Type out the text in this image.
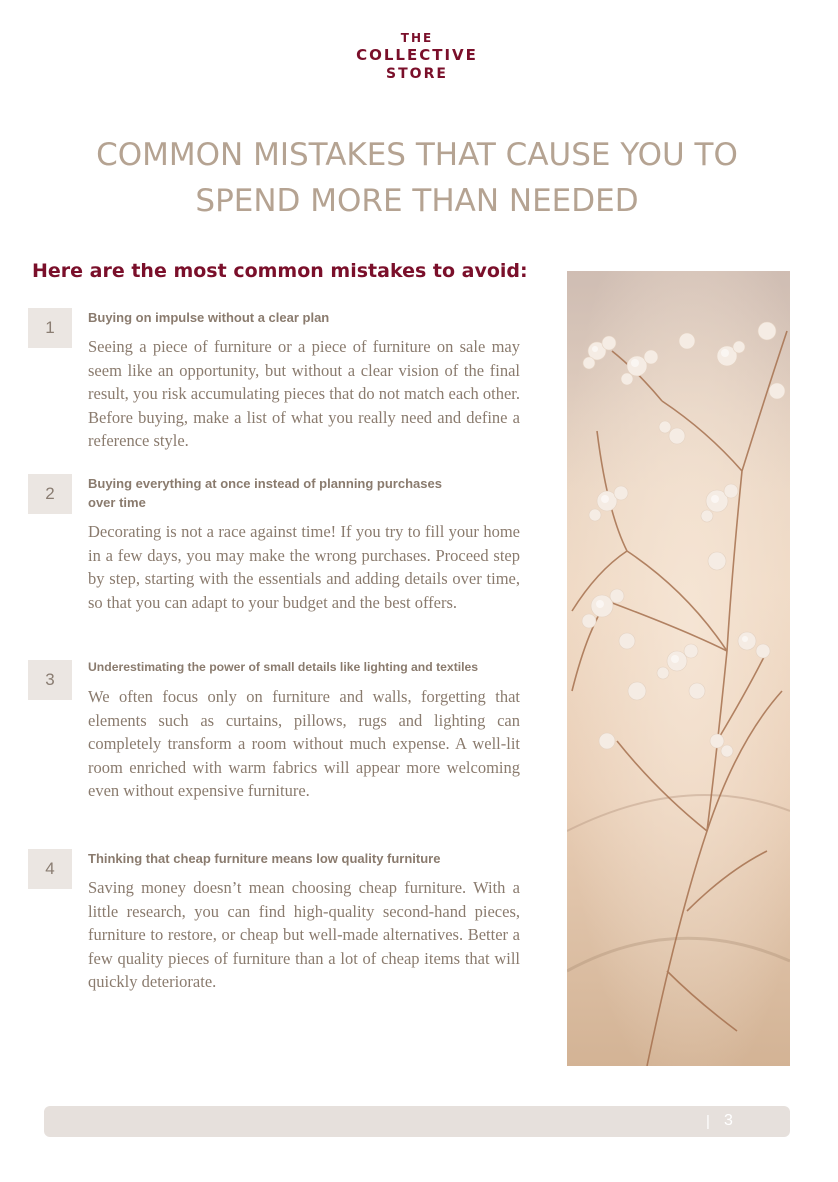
THE
COLLECTIVE
STORE
COMMON MISTAKES THAT CAUSE YOU TO
SPEND MORE THAN NEEDED
Here are the most common mistakes to avoid:
1

Buying on impulse without a clear plan

Seeing a piece of furniture or a piece of furniture on sale may seem like an opportunity, but without a clear vision of the final result, you risk accumulating pieces that do not match each other. Before buying, make a list of what you really need and define a reference style.

2

Buying everything at once instead of planning purchases over time

Decorating is not a race against time! If you try to fill your home in a few days, you may make the wrong purchases. Proceed step by step, starting with the essentials and adding details over time, so that you can adapt to your budget and the best offers.

3

Underestimating the power of small details like lighting and textiles

We often focus only on furniture and walls, forgetting that elements such as curtains, pillows, rugs and lighting can completely transform a room without much expense. A well-lit room enriched with warm fabrics will appear more welcoming even without expensive furniture.

4

Thinking that cheap furniture means low quality furniture

Saving money doesn’t mean choosing cheap furniture. With a little research, you can find high-quality second-hand pieces, furniture to restore, or cheap but well-made alternatives. Better a few quality pieces of furniture than a lot of cheap items that will quickly deteriorate.

| 3
